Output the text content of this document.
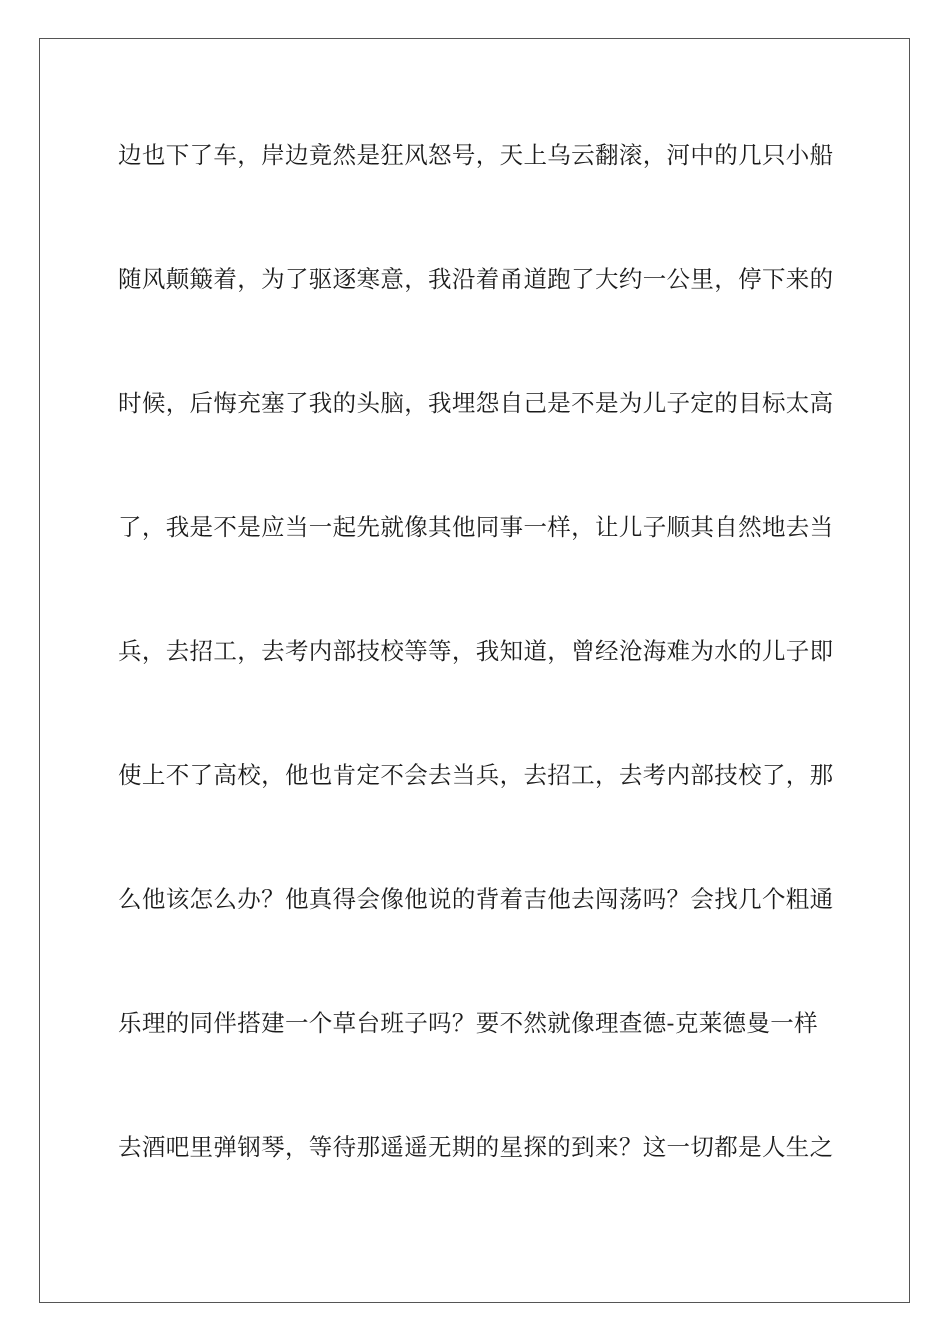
边也下了车，岸边竟然是狂风怒号，天上乌云翻滚，河中的几只小船
随风颠簸着，为了驱逐寒意，我沿着甬道跑了大约一公里，停下来的
时候，后悔充塞了我的头脑，我埋怨自己是不是为儿子定的目标太高
了，我是不是应当一起先就像其他同事一样，让儿子顺其自然地去当
兵，去招工，去考内部技校等等，我知道，曾经沧海难为水的儿子即
使上不了高校，他也肯定不会去当兵，去招工，去考内部技校了，那
么他该怎么办？他真得会像他说的背着吉他去闯荡吗？会找几个粗通
乐理的同伴搭建一个草台班子吗？要不然就像理查德-克莱德曼一样
去酒吧里弹钢琴，等待那遥遥无期的星探的到来？这一切都是人生之
